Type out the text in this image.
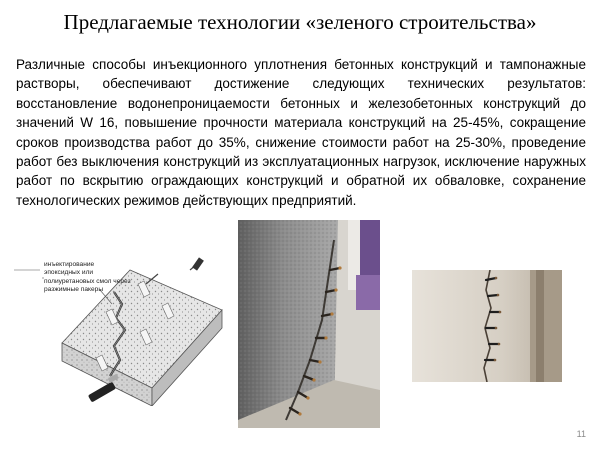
Предлагаемые технологии «зеленого строительства»

Различные способы инъекционного уплотнения бетонных конструкций и тампонажные растворы, обеспечивают достижение следующих технических результатов: восстановление водонепроницаемости бетонных и железобетонных конструкций до значений W 16, повышение прочности материала конструкций на 25-45%, сокращение сроков производства работ до 35%, снижение стоимости работ на 25-30%, проведение работ без выключения конструкций из эксплуатационных нагрузок, исключение наружных работ по вскрытию ограждающих конструкций и обратной их обваловке, сохранение технологических режимов действующих предприятий.

инъектирование эпоксидных или полиуретановых смол через разжимные пакеры

11
